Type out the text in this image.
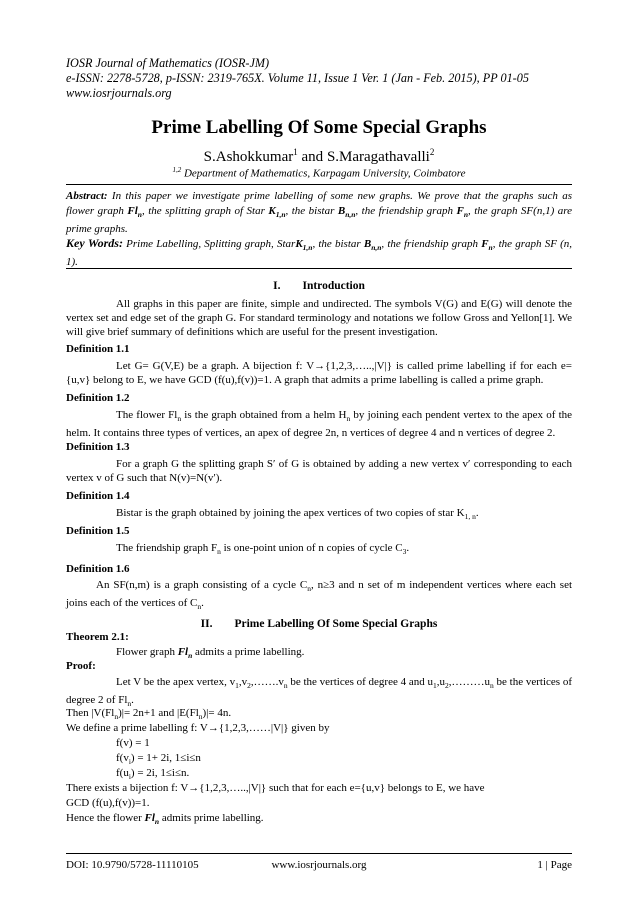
IOSR Journal of Mathematics (IOSR-JM)
e-ISSN: 2278-5728, p-ISSN: 2319-765X. Volume 11, Issue 1 Ver. 1 (Jan - Feb. 2015), PP 01-05
www.iosrjournals.org
Prime Labelling Of Some Special Graphs
S.Ashokkumar$^1$ and S.Maragathavalli$^2$
$^{1,2}$ Department of Mathematics, Karpagam University, Coimbatore
Abstract: In this paper we investigate prime labelling of some new graphs. We prove that the graphs such as flower graph $Fl_n$, the splitting graph of Star $K_{1,n}$, the bistar $B_{n,n}$, the friendship graph $F_n$, the graph SF(n,1) are prime graphs.
Key Words: Prime Labelling, Splitting graph, StarK$_{1,n}$, the bistar $B_{n,n}$, the friendship graph $F_n$, the graph SF (n, 1).
I. Introduction
All graphs in this paper are finite, simple and undirected. The symbols V(G) and E(G) will denote the vertex set and edge set of the graph G. For standard terminology and notations we follow Gross and Yellon[1]. We will give brief summary of definitions which are useful for the present investigation.
Definition 1.1
Let G= G(V,E) be a graph. A bijection f: V→{1,2,3,…..,|V|} is called prime labelling if for each e={u,v} belong to E, we have GCD (f(u),f(v))=1. A graph that admits a prime labelling is called a prime graph.
Definition 1.2
The flower $Fl_n$ is the graph obtained from a helm $H_n$ by joining each pendent vertex to the apex of the helm. It contains three types of vertices, an apex of degree 2n, n vertices of degree 4 and n vertices of degree 2.
Definition 1.3
For a graph G the splitting graph S′ of G is obtained by adding a new vertex v′ corresponding to each vertex v of G such that N(v)=N(v′).
Definition 1.4
Bistar is the graph obtained by joining the apex vertices of two copies of star $K_{1, n}$.
Definition 1.5
The friendship graph $F_n$ is one-point union of n copies of cycle $C_3$.
Definition 1.6
An SF(n,m) is a graph consisting of a cycle $C_n$, n≥3 and n set of m independent vertices where each set joins each of the vertices of $C_n$.
II. Prime Labelling Of Some Special Graphs
Theorem 2.1:
Flower graph $Fl_n$ admits a prime labelling.
Proof:
Let V be the apex vertex, $v_1,v_2,\dots\dots.v_n$ be the vertices of degree 4 and $u_1,u_2,\dots\dots\dots u_n$ be the vertices of degree 2 of $Fl_n$.
Then $|V(Fl_n)|= 2n+1$ and $|E(Fl_n)|= 4n$.
We define a prime labelling f: V→{1,2,3,……|V|} given by
f(v) = 1
$f(v_i) = 1+ 2i$, 1≤i≤n
$f(u_i) = 2i$, 1≤i≤n.
There exists a bijection f: V→{1,2,3,…..,|V|} such that for each e={u,v} belongs to E, we have
GCD (f(u),f(v))=1.
Hence the flower $Fl_n$ admits prime labelling.
DOI: 10.9790/5728-11110105	www.iosrjournals.org	1 | Page
